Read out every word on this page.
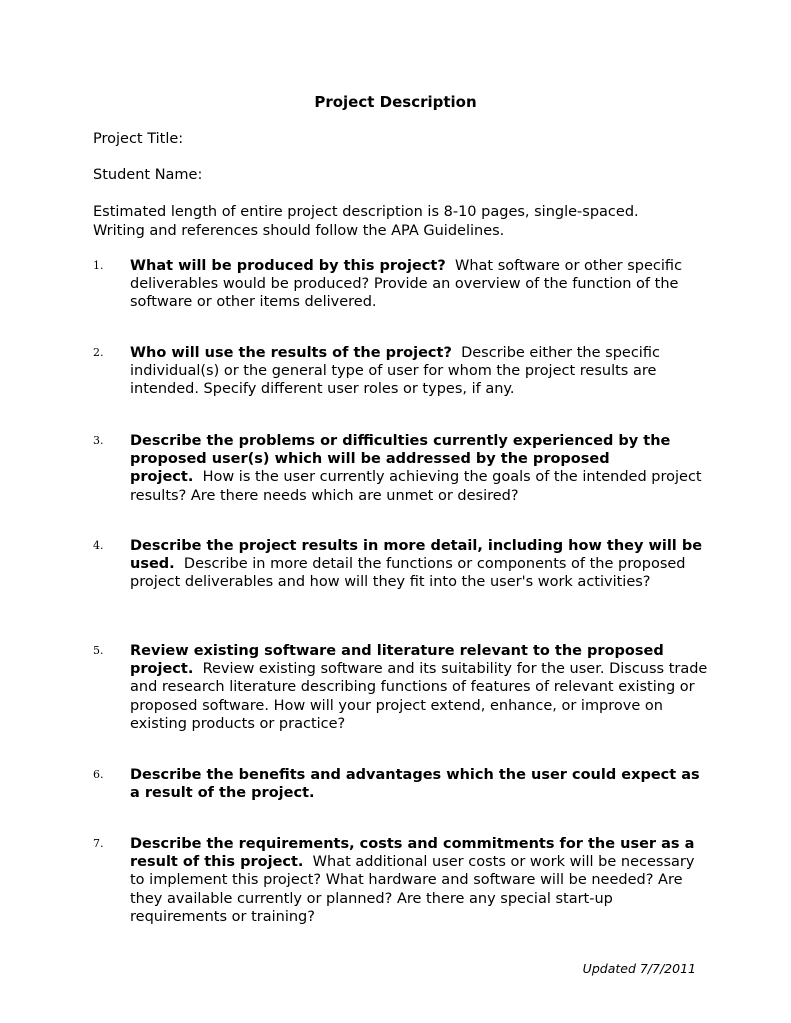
Project Description

Project Title:

Student Name:

Estimated length of entire project description is 8-10 pages, single-spaced.
Writing and references should follow the APA Guidelines.

1.	What will be produced by this project? What software or other specific deliverables would be produced? Provide an overview of the function of the software or other items delivered.
2.	Who will use the results of the project? Describe either the specific individual(s) or the general type of user for whom the project results are intended. Specify different user roles or types, if any.
3.	Describe the problems or difficulties currently experienced by the proposed user(s) which will be addressed by the proposed project. How is the user currently achieving the goals of the intended project results? Are there needs which are unmet or desired?
4.	Describe the project results in more detail, including how they will be used. Describe in more detail the functions or components of the proposed project deliverables and how will they fit into the user's work activities?
5.	Review existing software and literature relevant to the proposed project. Review existing software and its suitability for the user. Discuss trade and research literature describing functions of features of relevant existing or proposed software. How will your project extend, enhance, or improve on existing products or practice?
6.	Describe the benefits and advantages which the user could expect as a result of the project.
7.	Describe the requirements, costs and commitments for the user as a result of this project. What additional user costs or work will be necessary to implement this project? What hardware and software will be needed? Are they available currently or planned? Are there any special start-up requirements or training?

Updated 7/7/2011
